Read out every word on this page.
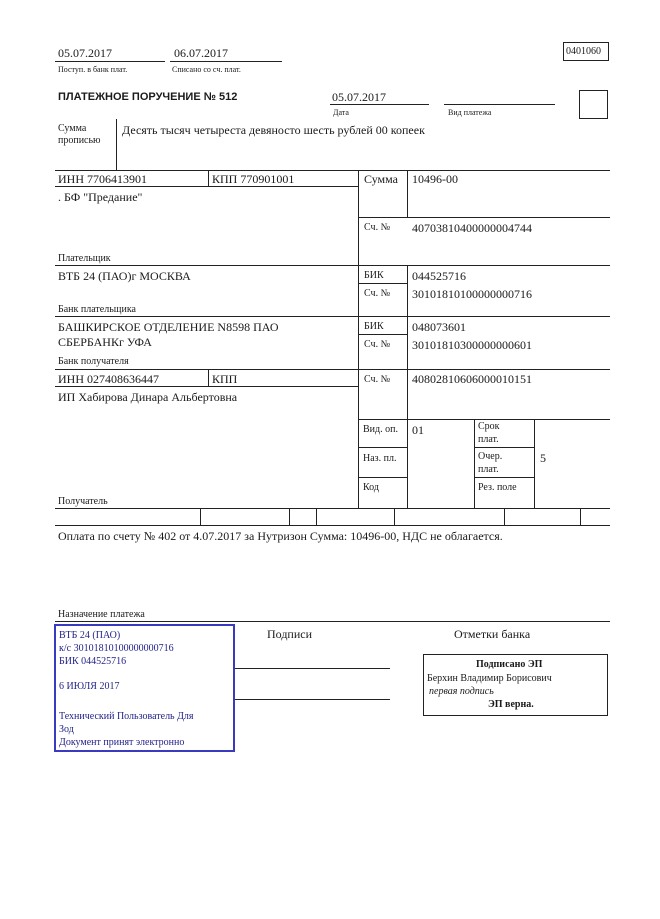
05.07.2017
Поступ. в банк плат.
06.07.2017
Списано со сч. плат.
0401060
ПЛАТЕЖНОЕ ПОРУЧЕНИЕ № 512	05.07.2017
Дата	Вид платежа
Сумма
прописью
Десять тысяч четыреста девяносто шесть рублей 00 копеек
ИНН 7706413901	КПП 770901001
. БФ "Предание"
Плательщик
Сумма 10496-00
Сч. № 40703810400000004744
ВТБ 24 (ПАО)г МОСКВА
Банк плательщика
БИК 044525716
Сч. № 30101810100000000716
БАШКИРСКОЕ ОТДЕЛЕНИЕ N8598 ПАО
СБЕРБАНКг УФА
Банк получателя
БИК 048073601
Сч. № 30101810300000000601
ИНН 027408636447	КПП
ИП Хабирова Динара Альбертовна
Сч. № 40802810606000010151
Получатель
Вид. оп. 01
Наз. пл.
Код
Срок
плат.
Очер.
плат.
5
Рез. поле
Оплата по счету № 402 от 4.07.2017 за Нутризон Сумма: 10496-00, НДС не облагается.
Назначение платежа
Подписи	Отметки банка
ВТБ 24 (ПАО)
к/с 30101810100000000716
БИК 044525716
6 ИЮЛЯ 2017
Технический Пользователь Для
Зод
Документ принят электронно
Подписано ЭП
Берхин Владимир Борисович
первая подпись
ЭП верна.
